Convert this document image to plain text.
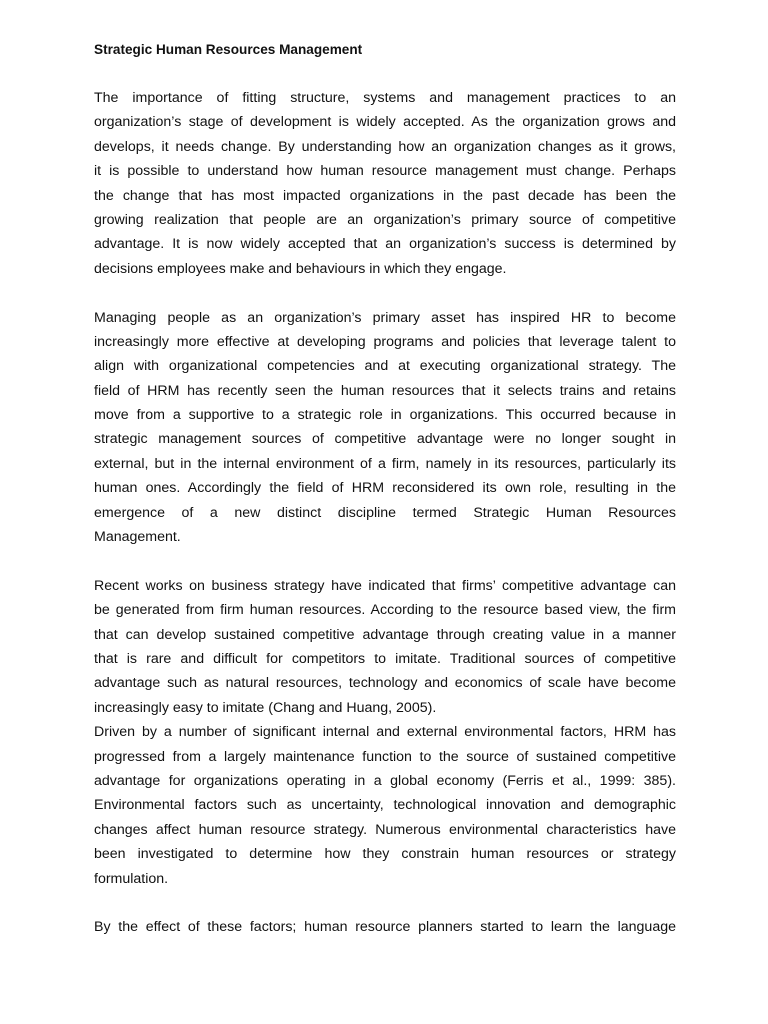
Strategic Human Resources Management

The importance of fitting structure, systems and management practices to an
organization’s stage of development is widely accepted. As the organization grows and
develops, it needs change. By understanding how an organization changes as it grows,
it is possible to understand how human resource management must change. Perhaps
the change that has most impacted organizations in the past decade has been the
growing realization that people are an organization’s primary source of competitive
advantage. It is now widely accepted that an organization’s success is determined by
decisions employees make and behaviours in which they engage.

Managing people as an organization’s primary asset has inspired HR to become
increasingly more effective at developing programs and policies that leverage talent to
align with organizational competencies and at executing organizational strategy. The
field of HRM has recently seen the human resources that it selects trains and retains
move from a supportive to a strategic role in organizations. This occurred because in
strategic management sources of competitive advantage were no longer sought in
external, but in the internal environment of a firm, namely in its resources, particularly its
human ones. Accordingly the field of HRM reconsidered its own role, resulting in the
emergence of a new distinct discipline termed Strategic Human Resources
Management.

Recent works on business strategy have indicated that firms’ competitive advantage can
be generated from firm human resources. According to the resource based view, the firm
that can develop sustained competitive advantage through creating value in a manner
that is rare and difficult for competitors to imitate. Traditional sources of competitive
advantage such as natural resources, technology and economics of scale have become
increasingly easy to imitate (Chang and Huang, 2005).

Driven by a number of significant internal and external environmental factors, HRM has
progressed from a largely maintenance function to the source of sustained competitive
advantage for organizations operating in a global economy (Ferris et al., 1999: 385).
Environmental factors such as uncertainty, technological innovation and demographic
changes affect human resource strategy. Numerous environmental characteristics have
been investigated to determine how they constrain human resources or strategy
formulation.

By the effect of these factors; human resource planners started to learn the language
